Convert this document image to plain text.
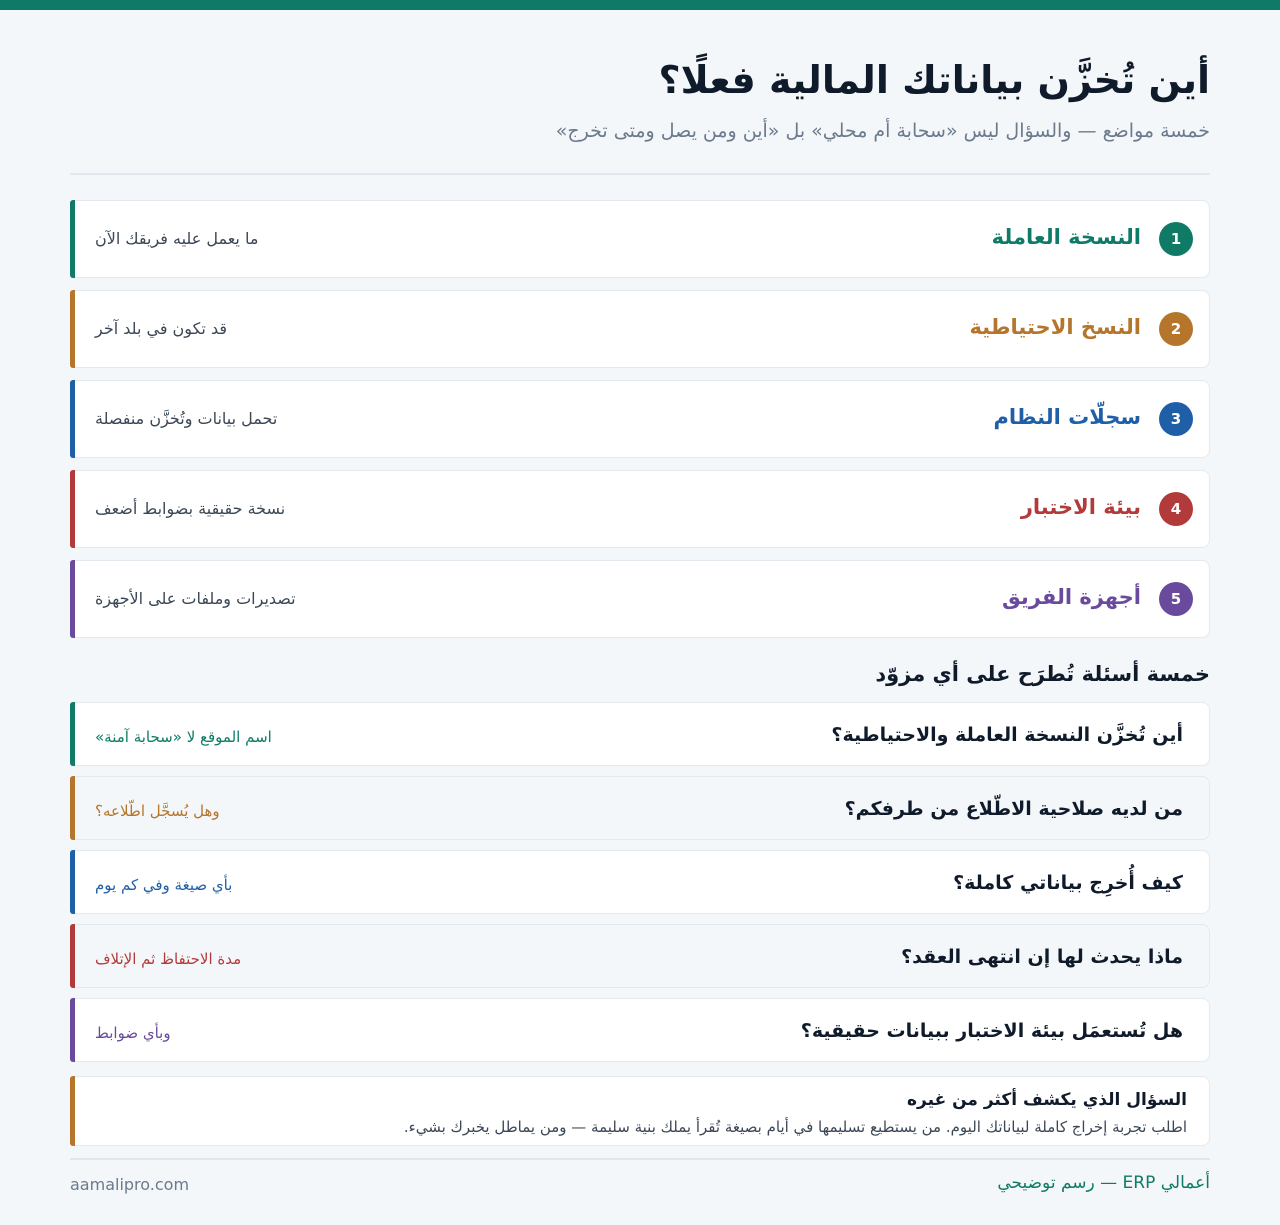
أين تُخزَّن بياناتك المالية فعلًا؟
خمسة مواضع — والسؤال ليس «سحابة أم محلي» بل «أين ومن يصل ومتى تخرج»
1
النسخة العاملة
ما يعمل عليه فريقك الآن
2
النسخ الاحتياطية
قد تكون في بلد آخر
3
سجلّات النظام
تحمل بيانات وتُخزَّن منفصلة
4
بيئة الاختبار
نسخة حقيقية بضوابط أضعف
5
أجهزة الفريق
تصديرات وملفات على الأجهزة
خمسة أسئلة تُطرَح على أي مزوّد
أين تُخزَّن النسخة العاملة والاحتياطية؟
اسم الموقع لا «سحابة آمنة»
من لديه صلاحية الاطّلاع من طرفكم؟
وهل يُسجَّل اطّلاعه؟
كيف أُخرِج بياناتي كاملة؟
بأي صيغة وفي كم يوم
ماذا يحدث لها إن انتهى العقد؟
مدة الاحتفاظ ثم الإتلاف
هل تُستعمَل بيئة الاختبار ببيانات حقيقية؟
وبأي ضوابط
السؤال الذي يكشف أكثر من غيره
اطلب تجربة إخراج كاملة لبياناتك اليوم. من يستطيع تسليمها في أيام بصيغة تُقرأ يملك بنية سليمة — ومن يماطل يخبرك بشيء.
أعمالي ERP — رسم توضيحي
aamalipro.com
